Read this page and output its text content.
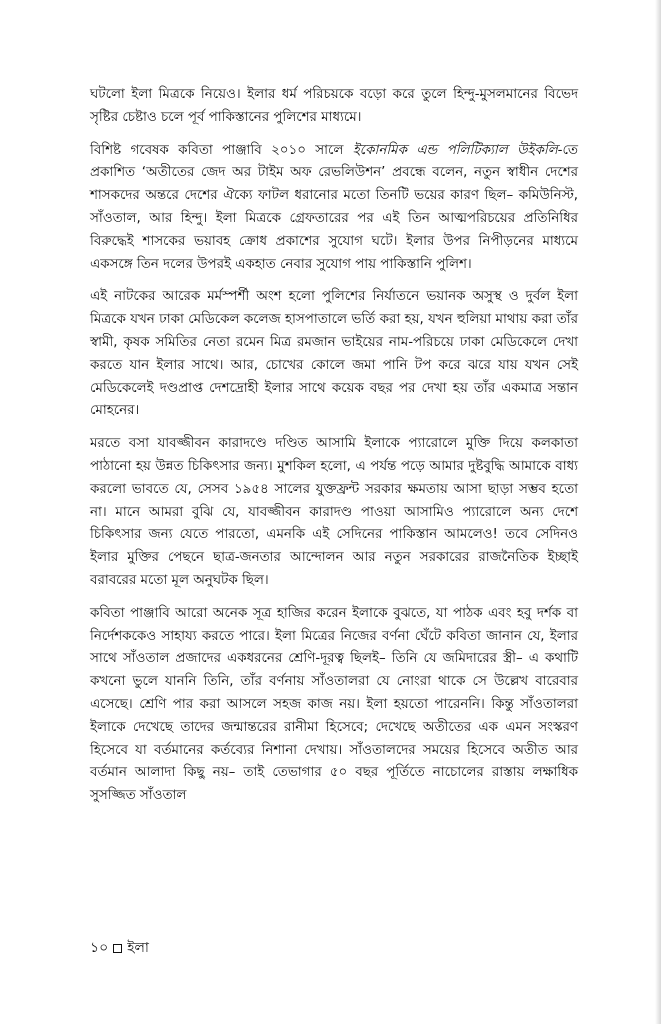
ঘটলো ইলা মিত্রকে নিয়েও। ইলার ধর্ম পরিচয়কে বড়ো করে তুলে হিন্দু-মুসলমানের বিভেদ সৃষ্টির চেষ্টাও চলে পূর্ব পাকিস্তানের পুলিশের মাধ্যমে।

বিশিষ্ট গবেষক কবিতা পাঞ্জাবি ২০১০ সালে ইকোনমিক এন্ড পলিটিক্যাল উইকলি-তে প্রকাশিত ‘অতীতের জেদ অর টাইম অফ রেভলিউশন’ প্রবন্ধে বলেন, নতুন স্বাধীন দেশের শাসকদের অন্তরে দেশের ঐক্যে ফাটল ধরানোর মতো তিনটি ভয়ের কারণ ছিল– কমিউনিস্ট, সাঁওতাল, আর হিন্দু। ইলা মিত্রকে গ্রেফতারের পর এই তিন আত্মপরিচয়ের প্রতিনিধির বিরুদ্ধেই শাসকের ভয়াবহ ক্রোধ প্রকাশের সুযোগ ঘটে। ইলার উপর নিপীড়নের মাধ্যমে একসঙ্গে তিন দলের উপরই একহাত নেবার সুযোগ পায় পাকিস্তানি পুলিশ।

এই নাটকের আরেক মর্মস্পর্শী অংশ হলো পুলিশের নির্যাতনে ভয়ানক অসুস্থ ও দুর্বল ইলা মিত্রকে যখন ঢাকা মেডিকেল কলেজ হাসপাতালে ভর্তি করা হয়, যখন হুলিয়া মাথায় করা তাঁর স্বামী, কৃষক সমিতির নেতা রমেন মিত্র রমজান ভাইয়ের নাম-পরিচয়ে ঢাকা মেডিকেলে দেখা করতে যান ইলার সাথে। আর, চোখের কোলে জমা পানি টপ করে ঝরে যায় যখন সেই মেডিকেলেই দণ্ডপ্রাপ্ত দেশদ্রোহী ইলার সাথে কয়েক বছর পর দেখা হয় তাঁর একমাত্র সন্তান মোহনের।

মরতে বসা যাবজ্জীবন কারাদণ্ডে দণ্ডিত আসামি ইলাকে প্যারোলে মুক্তি দিয়ে কলকাতা পাঠানো হয় উন্নত চিকিৎসার জন্য। মুশকিল হলো, এ পর্যন্ত পড়ে আমার দুষ্টবুদ্ধি আমাকে বাধ্য করলো ভাবতে যে, সেসব ১৯৫৪ সালের যুক্তফ্রন্ট সরকার ক্ষমতায় আসা ছাড়া সম্ভব হতো না। মানে আমরা বুঝি যে, যাবজ্জীবন কারাদণ্ড পাওয়া আসামিও প্যারোলে অন্য দেশে চিকিৎসার জন্য যেতে পারতো, এমনকি এই সেদিনের পাকিস্তান আমলেও! তবে সেদিনও ইলার মুক্তির পেছনে ছাত্র-জনতার আন্দোলন আর নতুন সরকারের রাজনৈতিক ইচ্ছাই বরাবরের মতো মূল অনুঘটক ছিল।

কবিতা পাঞ্জাবি আরো অনেক সূত্র হাজির করেন ইলাকে বুঝতে, যা পাঠক এবং হবু দর্শক বা নির্দেশককেও সাহায্য করতে পারে। ইলা মিত্রের নিজের বর্ণনা ঘেঁটে কবিতা জানান যে, ইলার সাথে সাঁওতাল প্রজাদের একধরনের শ্রেণি-দূরত্ব ছিলই– তিনি যে জমিদারের স্ত্রী– এ কথাটি কখনো ভুলে যাননি তিনি, তাঁর বর্ণনায় সাঁওতালরা যে নোংরা থাকে সে উল্লেখ বারেবার এসেছে। শ্রেণি পার করা আসলে সহজ কাজ নয়। ইলা হয়তো পারেননি। কিন্তু সাঁওতালরা ইলাকে দেখেছে তাদের জন্মান্তরের রানীমা হিসেবে; দেখেছে অতীতের এক এমন সংস্করণ হিসেবে যা বর্তমানের কর্তব্যের নিশানা দেখায়। সাঁওতালদের সময়ের হিসেবে অতীত আর বর্তমান আলাদা কিছু নয়– তাই তেভাগার ৫০ বছর পূর্তিতে নাচোলের রাস্তায় লক্ষাধিক সুসজ্জিত সাঁওতাল

১০ ইলা
